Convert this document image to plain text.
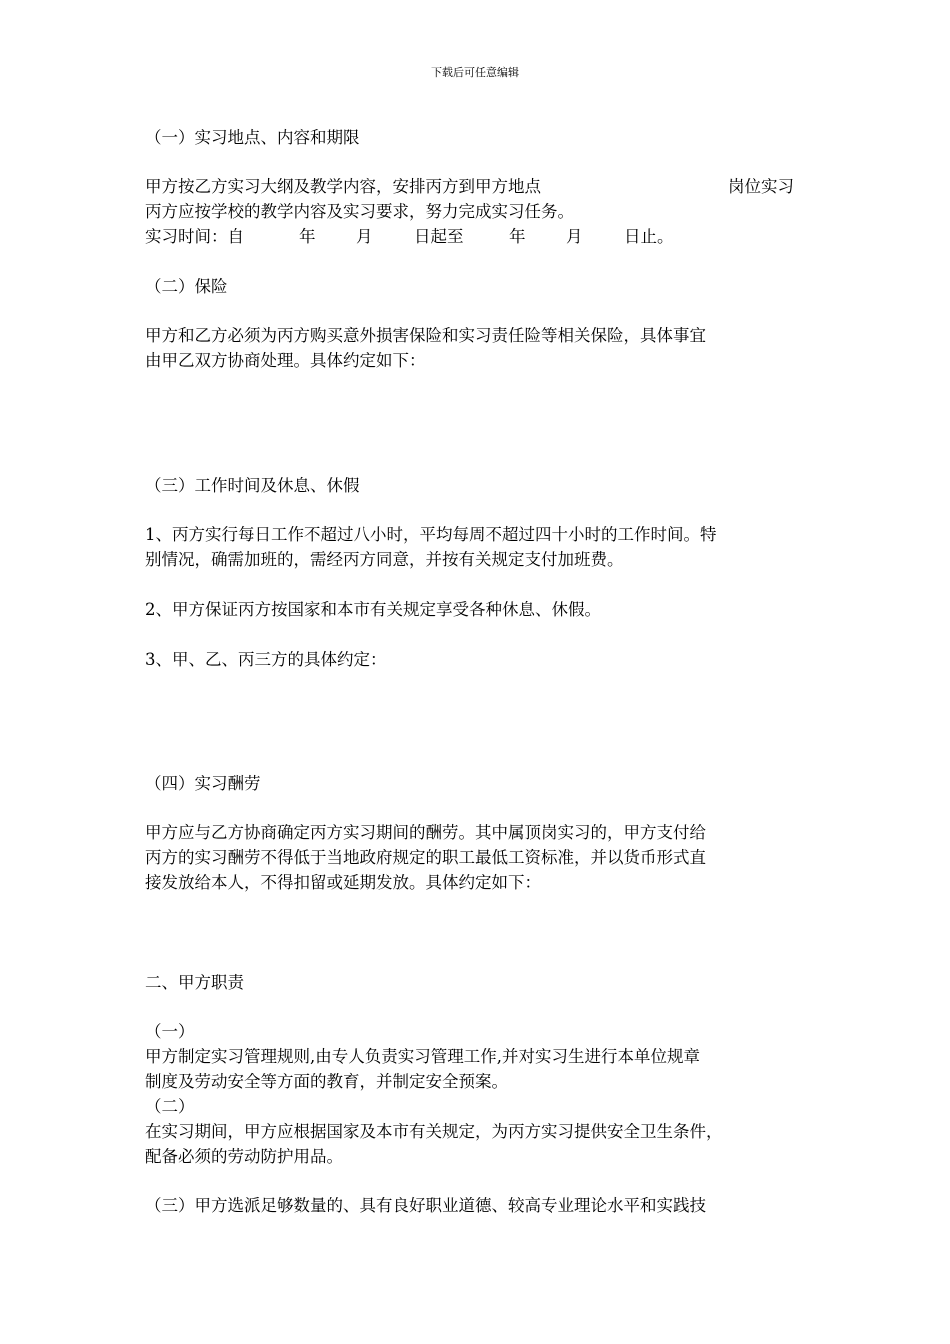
下载后可任意编辑
（一）实习地点、内容和期限
甲方按乙方实习大纲及教学内容，安排丙方到甲方地点	岗位实习
丙方应按学校的教学内容及实习要求，努力完成实习任务。
实习时间：自	年 月	日起至	年 月	日止。
（二）保险
甲方和乙方必须为丙方购买意外损害保险和实习责任险等相关保险，具体事宜
由甲乙双方协商处理。具体约定如下：
（三）工作时间及休息、休假
1、丙方实行每日工作不超过八小时，平均每周不超过四十小时的工作时间。特
别情况，确需加班的，需经丙方同意，并按有关规定支付加班费。
2、甲方保证丙方按国家和本市有关规定享受各种休息、休假。
3、甲、乙、丙三方的具体约定：
（四）实习酬劳
甲方应与乙方协商确定丙方实习期间的酬劳。其中属顶岗实习的，甲方支付给
丙方的实习酬劳不得低于当地政府规定的职工最低工资标准，并以货币形式直
接发放给本人，不得扣留或延期发放。具体约定如下：
二、甲方职责
（一）
甲方制定实习管理规则,由专人负责实习管理工作,并对实习生进行本单位规章
制度及劳动安全等方面的教育，并制定安全预案。
（二）
在实习期间，甲方应根据国家及本市有关规定，为丙方实习提供安全卫生条件，
配备必须的劳动防护用品。
（三）甲方选派足够数量的、具有良好职业道德、较高专业理论水平和实践技
